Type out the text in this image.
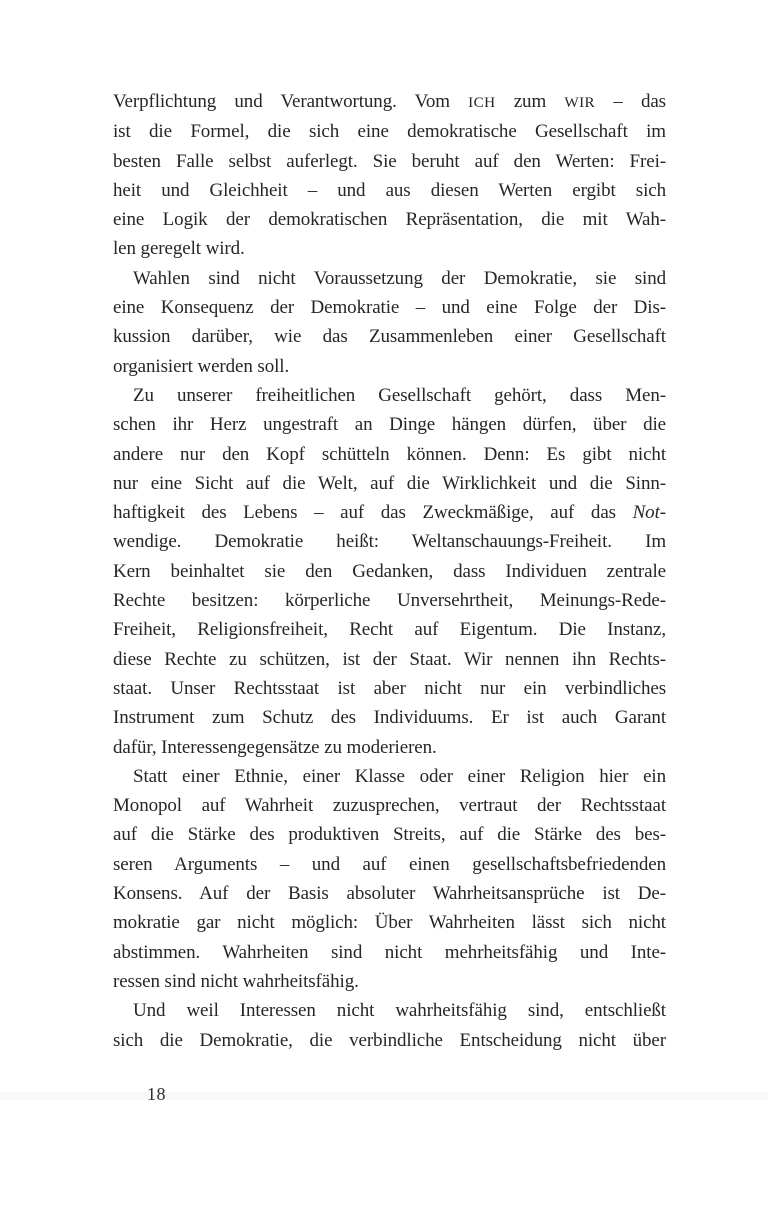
Verpflichtung und Verantwortung. Vom ICH zum WIR – das
ist die Formel, die sich eine demokratische Gesellschaft im
besten Falle selbst auferlegt. Sie beruht auf den Werten: Frei-
heit und Gleichheit – und aus diesen Werten ergibt sich
eine Logik der demokratischen Repräsentation, die mit Wah-
len geregelt wird.
Wahlen sind nicht Voraussetzung der Demokratie, sie sind
eine Konsequenz der Demokratie – und eine Folge der Dis-
kussion darüber, wie das Zusammenleben einer Gesellschaft
organisiert werden soll.
Zu unserer freiheitlichen Gesellschaft gehört, dass Men-
schen ihr Herz ungestraft an Dinge hängen dürfen, über die
andere nur den Kopf schütteln können. Denn: Es gibt nicht
nur eine Sicht auf die Welt, auf die Wirklichkeit und die Sinn-
haftigkeit des Lebens – auf das Zweckmäßige, auf das Not-
wendige. Demokratie heißt: Weltanschauungs-Freiheit. Im
Kern beinhaltet sie den Gedanken, dass Individuen zentrale
Rechte besitzen: körperliche Unversehrtheit, Meinungs-Rede-
Freiheit, Religionsfreiheit, Recht auf Eigentum. Die Instanz,
diese Rechte zu schützen, ist der Staat. Wir nennen ihn Rechts-
staat. Unser Rechtsstaat ist aber nicht nur ein verbindliches
Instrument zum Schutz des Individuums. Er ist auch Garant
dafür, Interessengegensätze zu moderieren.
Statt einer Ethnie, einer Klasse oder einer Religion hier ein
Monopol auf Wahrheit zuzusprechen, vertraut der Rechtsstaat
auf die Stärke des produktiven Streits, auf die Stärke des bes-
seren Arguments – und auf einen gesellschaftsbefriedenden
Konsens. Auf der Basis absoluter Wahrheitsansprüche ist De-
mokratie gar nicht möglich: Über Wahrheiten lässt sich nicht
abstimmen. Wahrheiten sind nicht mehrheitsfähig und Inte-
ressen sind nicht wahrheitsfähig.
Und weil Interessen nicht wahrheitsfähig sind, entschließt
sich die Demokratie, die verbindliche Entscheidung nicht über
18
